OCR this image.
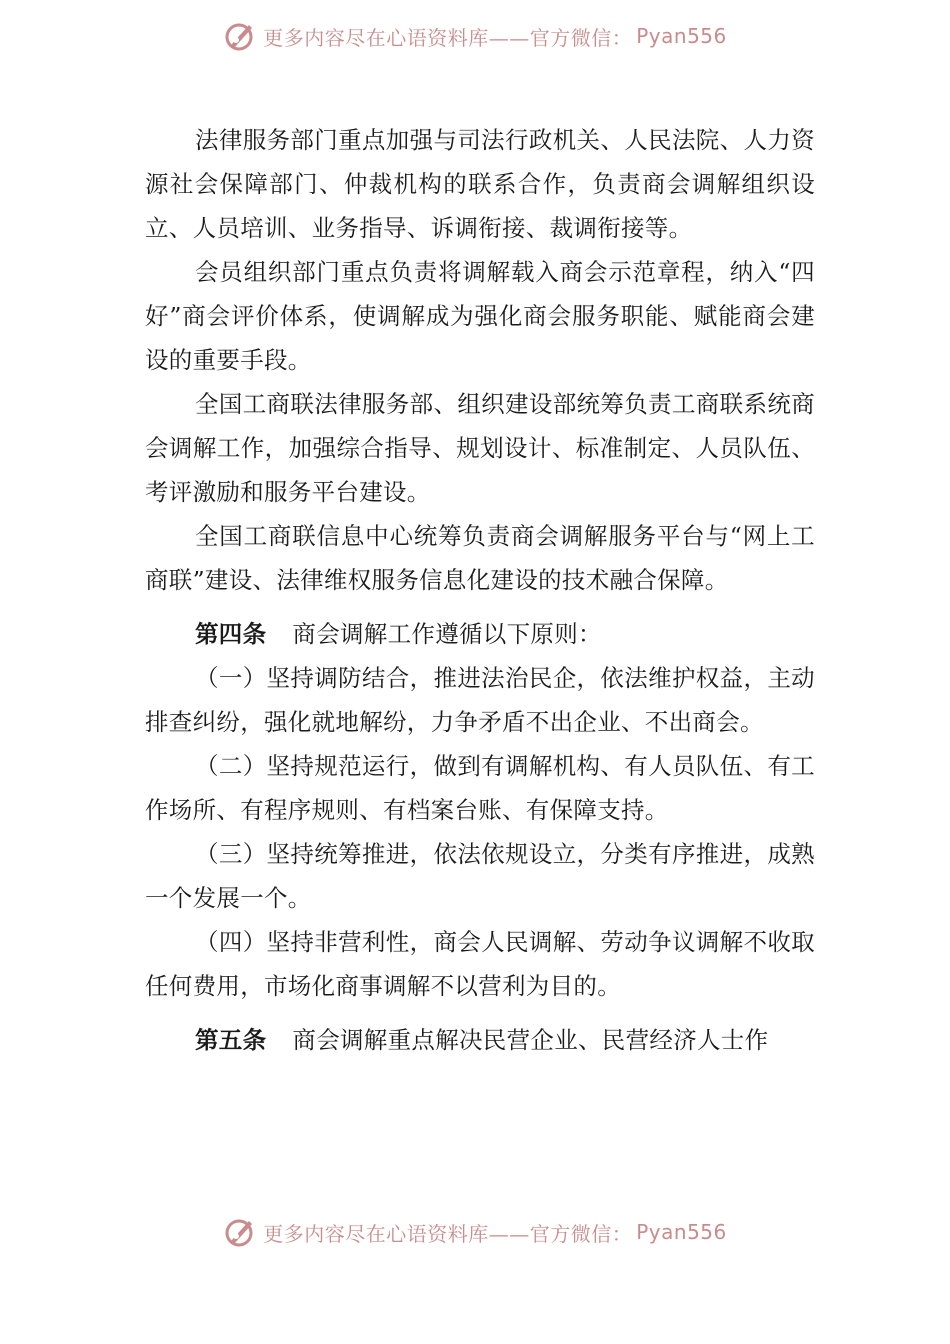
更多内容尽在心语资料库——官方微信： Pyan556

法律服务部门重点加强与司法行政机关、人民法院、人力资源社会保障部门、仲裁机构的联系合作，负责商会调解组织设立、人员培训、业务指导、诉调衔接、裁调衔接等。

会员组织部门重点负责将调解载入商会示范章程，纳入“四好”商会评价体系，使调解成为强化商会服务职能、赋能商会建设的重要手段。

全国工商联法律服务部、组织建设部统筹负责工商联系统商会调解工作，加强综合指导、规划设计、标准制定、人员队伍、考评激励和服务平台建设。

全国工商联信息中心统筹负责商会调解服务平台与“网上工商联”建设、法律维权服务信息化建设的技术融合保障。

第四条 商会调解工作遵循以下原则：

（一）坚持调防结合，推进法治民企，依法维护权益，主动排查纠纷，强化就地解纷，力争矛盾不出企业、不出商会。

（二）坚持规范运行，做到有调解机构、有人员队伍、有工作场所、有程序规则、有档案台账、有保障支持。

（三）坚持统筹推进，依法依规设立，分类有序推进，成熟一个发展一个。

（四）坚持非营利性，商会人民调解、劳动争议调解不收取任何费用，市场化商事调解不以营利为目的。

第五条 商会调解重点解决民营企业、民营经济人士作

更多内容尽在心语资料库——官方微信： Pyan556
